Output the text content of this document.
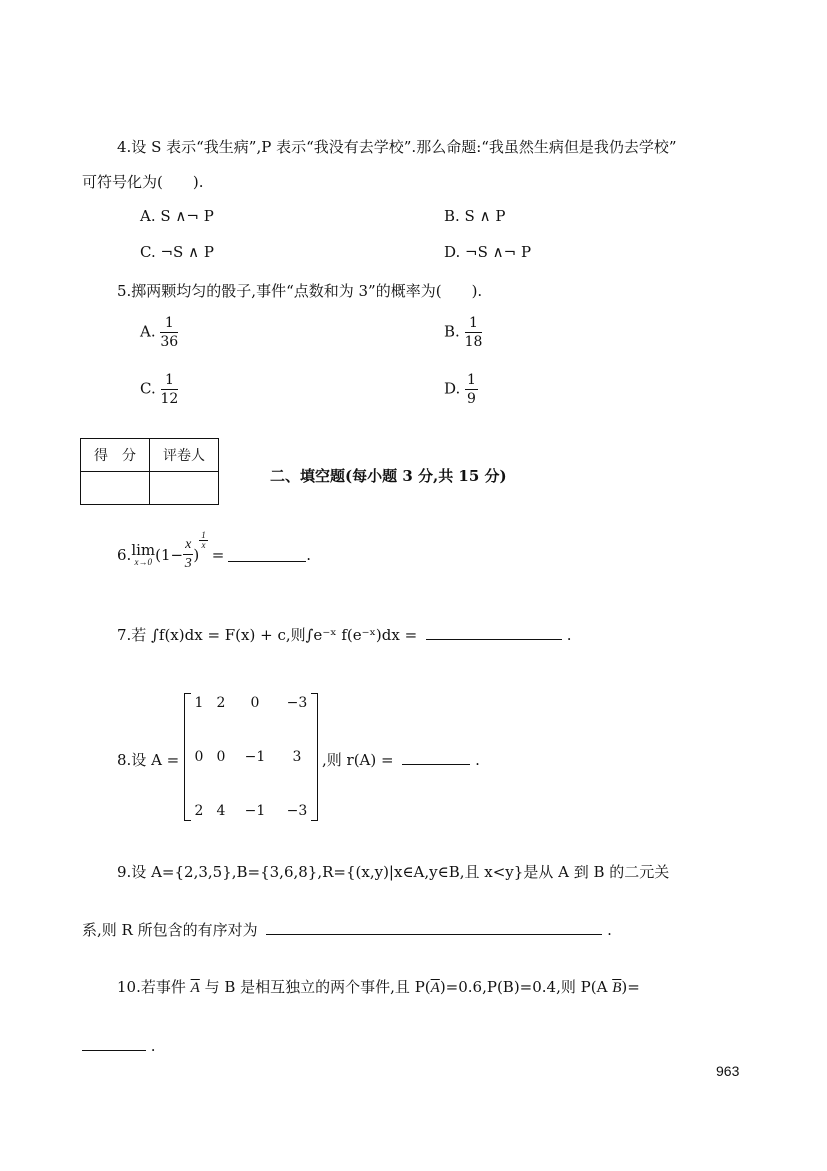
4.设 S 表示“我生病”,P 表示“我没有去学校”.那么命题:“我虽然生病但是我仍去学校”
可符号化为(　　).
A. S ∧¬ P	B. S ∧ P
C. ¬S ∧ P	D. ¬S ∧¬ P
5.掷两颗均匀的骰子,事件“点数和为 3”的概率为(　　).
A. $\frac{1}{36}$	B. $\frac{1}{18}$
C. $\frac{1}{12}$	D. $\frac{1}{9}$
得　分	评卷人

二、填空题(每小题 3 分,共 15 分)
6. lim
x→0 ($1- \frac{x}{3}$ )
$\frac{1}{x}$
=	.
7.若 ∫f(x)dx = F(x) + c,则∫e⁻ˣ f(e⁻ˣ)dx =	.
8.设 A =
1 2	0	−3
0 0	−1	3
2 4	−1	−3
,则 r(A) =	.
9.设 A={2,3,5},B={3,6,8},R={(x,y)|x∈A,y∈B,且 x<y}是从 A 到 B 的二元关
系,则 R 所包含的有序对为	.
10.若事件 $\overline{A}$ 与 B 是相互独立的两个事件,且 $P(\overline{A})=0.6,P(B)=0.4$,则 P(A $\overline{B})=$
.
963
